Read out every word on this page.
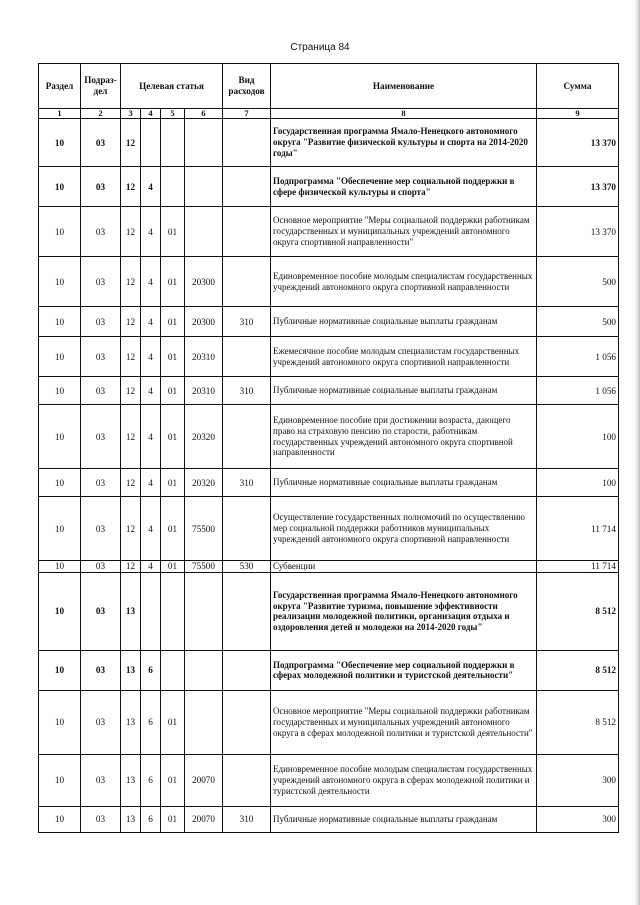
Страница 84
Раздел	Подраз-дел	Целевая статья				Вид расходов	Наименование	Сумма
1	2	3	4	5	6	7	8	9
10	03	12					Государственная программа Ямало-Ненецкого автономного округа "Развитие физической культуры и спорта на 2014-2020 годы"	13 370
10	03	12	4				Подпрограмма "Обеспечение мер социальной поддержки в сфере физической культуры и спорта"	13 370
10	03	12	4	01			Основное мероприятие "Меры социальной поддержки работникам государственных и муниципальных учреждений автономного округа спортивной направленности"	13 370
10	03	12	4	01	20300		Единовременное пособие молодым специалистам государственных учреждений автономного округа спортивной направленности	500
10	03	12	4	01	20300	310	Публичные нормативные социальные выплаты гражданам	500
10	03	12	4	01	20310		Ежемесячное пособие молодым специалистам государственных учреждений автономного округа спортивной направленности	1 056
10	03	12	4	01	20310	310	Публичные нормативные социальные выплаты гражданам	1 056
10	03	12	4	01	20320		Единовременное пособие при достижении возраста, дающего право на страховую пенсию по старости, работникам государственных учреждений автономного округа спортивной направленности	100
10	03	12	4	01	20320	310	Публичные нормативные социальные выплаты гражданам	100
10	03	12	4	01	75500		Осуществление государственных полномочий по осуществлению мер социальной поддержки работников муниципальных учреждений автономного округа спортивной направленности	11 714
10	03	12	4	01	75500	530	Субвенции	11 714
10	03	13					Государственная программа Ямало-Ненецкого автономного округа "Развитие туризма, повышение эффективности реализации молодежной политики, организация отдыха и оздоровления детей и молодежи на 2014-2020 годы"	8 512
10	03	13	6				Подпрограмма "Обеспечение мер социальной поддержки в сферах молодежной политики и туристской деятельности"	8 512
10	03	13	6	01			Основное мероприятие "Меры социальной поддержки работникам государственных и муниципальных учреждений автономного округа в сферах молодежной политики и туристской деятельности"	8 512
10	03	13	6	01	20070		Единовременное пособие молодым специалистам государственных учреждений автономного округа в сферах молодежной политики и туристской деятельности	300
10	03	13	6	01	20070	310	Публичные нормативные социальные выплаты гражданам	300
